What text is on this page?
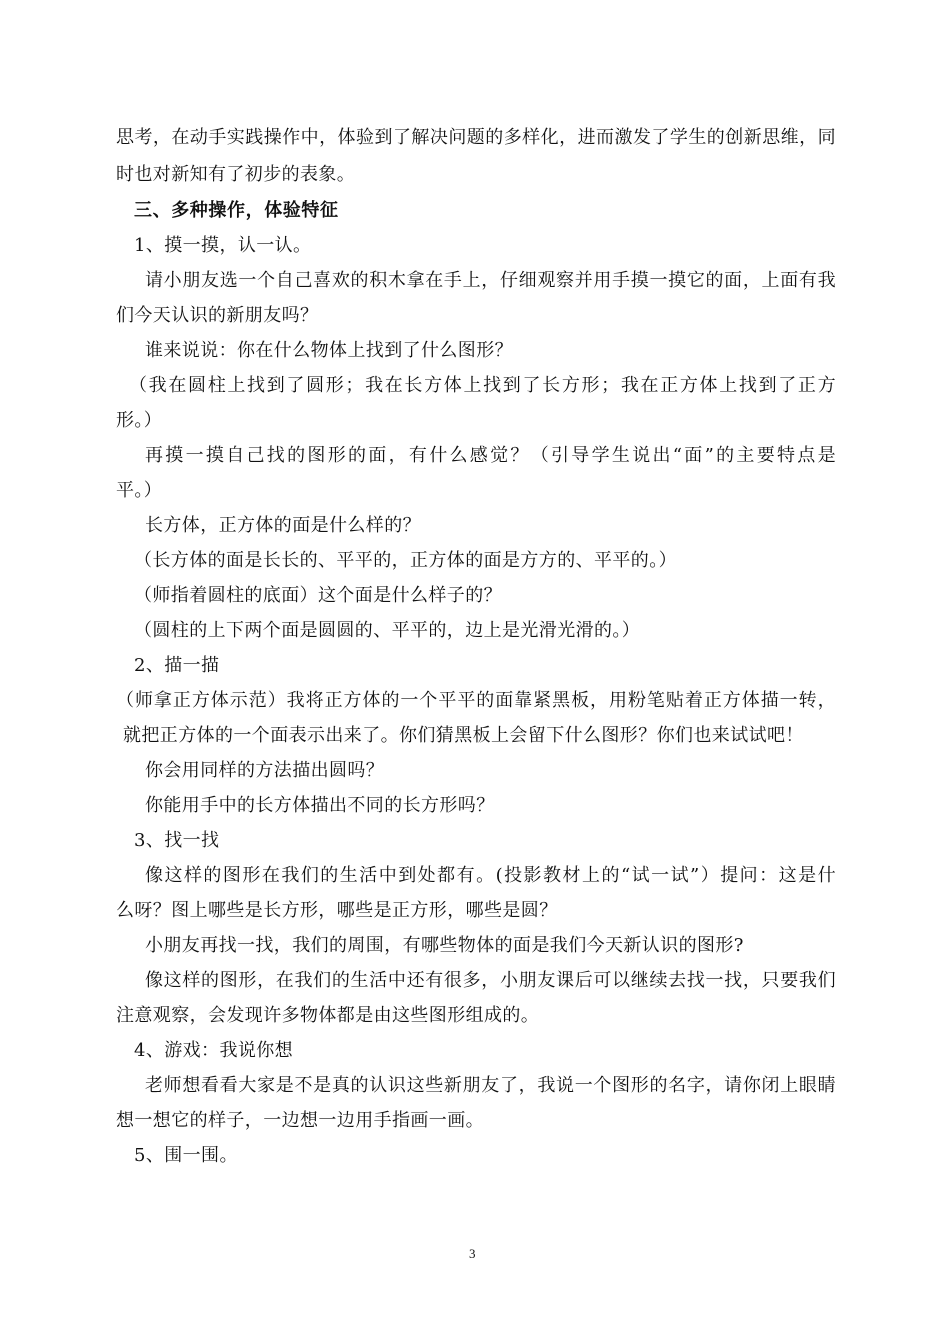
思考，在动手实践操作中，体验到了解决问题的多样化，进而激发了学生的创新思维，同
时也对新知有了初步的表象。
三、多种操作，体验特征
1、摸一摸，认一认。
请小朋友选一个自己喜欢的积木拿在手上，仔细观察并用手摸一摸它的面，上面有我
们今天认识的新朋友吗？
谁来说说：你在什么物体上找到了什么图形？
（我在圆柱上找到了圆形；我在长方体上找到了长方形；我在正方体上找到了正方
形。）
再摸一摸自己找的图形的面，有什么感觉？（引导学生说出“面”的主要特点是
平。）
长方体，正方体的面是什么样的？
（长方体的面是长长的、平平的，正方体的面是方方的、平平的。）
（师指着圆柱的底面）这个面是什么样子的？
（圆柱的上下两个面是圆圆的、平平的，边上是光滑光滑的。）
2、描一描
（师拿正方体示范）我将正方体的一个平平的面靠紧黑板，用粉笔贴着正方体描一转，
就把正方体的一个面表示出来了。你们猜黑板上会留下什么图形？你们也来试试吧！
你会用同样的方法描出圆吗？
你能用手中的长方体描出不同的长方形吗？
3、找一找
像这样的图形在我们的生活中到处都有。(投影教材上的“试一试”）提问：这是什
么呀？图上哪些是长方形，哪些是正方形，哪些是圆？
小朋友再找一找，我们的周围，有哪些物体的面是我们今天新认识的图形?
像这样的图形，在我们的生活中还有很多，小朋友课后可以继续去找一找，只要我们
注意观察，会发现许多物体都是由这些图形组成的。
4、游戏：我说你想
老师想看看大家是不是真的认识这些新朋友了，我说一个图形的名字，请你闭上眼睛
想一想它的样子，一边想一边用手指画一画。
5、围一围。
3
